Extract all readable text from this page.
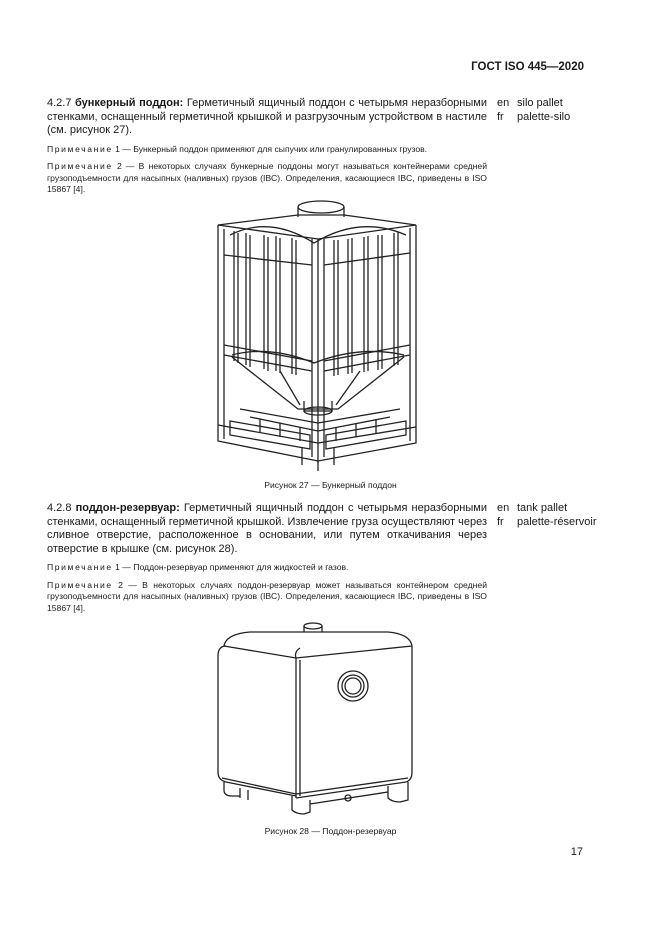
ГОСТ ISO 445—2020

4.2.7 бункерный поддон: Герметичный ящичный поддон с четырьмя неразборными стенками, оснащенный герметичной крышкой и разгрузочным устройством в настиле (см. рисунок 27).

Примечание 1 — Бункерный поддон применяют для сыпучих или гранулированных грузов.

Примечание 2 — В некоторых случаях бункерные поддоны могут называться контейнерами средней грузоподъемности для насыпных (наливных) грузов (IBC). Определения, касающиеся IBC, приведены в ISO 15867 [4].

en silo pallet
fr palette-silo
Рисунок 27 — Бункерный поддон

4.2.8 поддон-резервуар: Герметичный ящичный поддон с четырьмя неразборными стенками, оснащенный герметичной крышкой. Извлечение груза осуществляют через сливное отверстие, расположенное в основании, или путем откачивания через отверстие в крышке (см. рисунок 28).

Примечание 1 — Поддон-резервуар применяют для жидкостей и газов.

Примечание 2 — В некоторых случаях поддон-резервуар может называться контейнером средней грузоподъемности для насыпных (наливных) грузов (IBC). Определения, касающиеся IBC, приведены в ISO 15867 [4].

en tank pallet
fr palette-réservoir
Рисунок 28 — Поддон-резервуар
17
